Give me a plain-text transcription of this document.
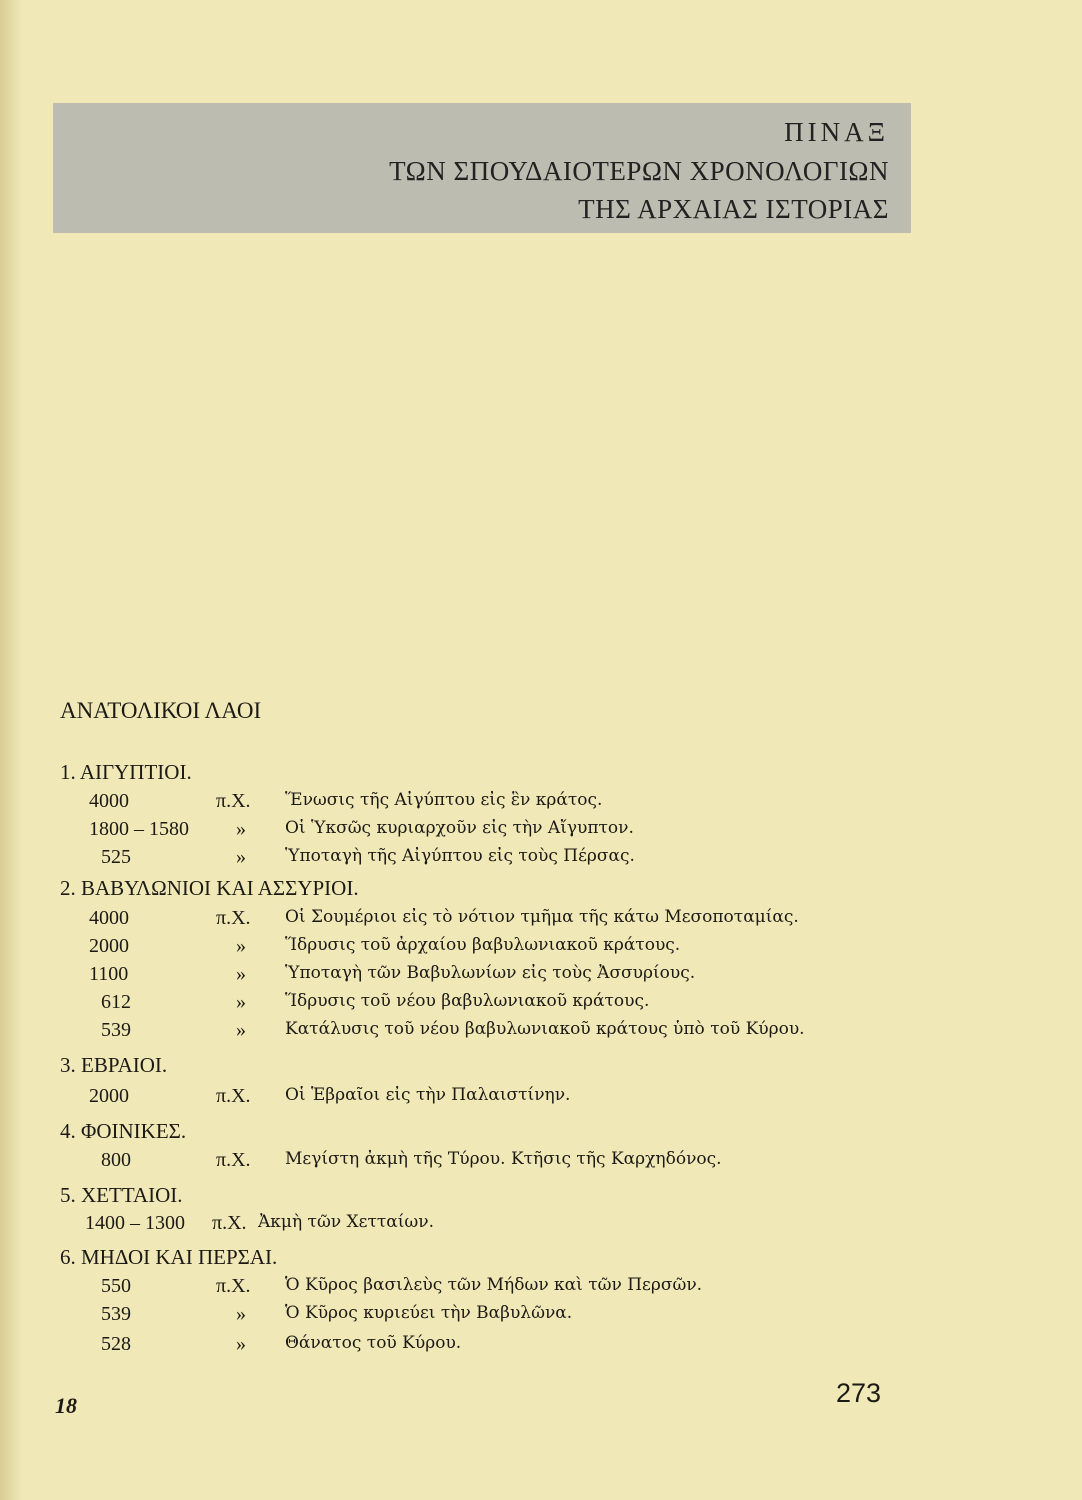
ΠΙΝΑΞ
ΤΩΝ ΣΠΟΥΔΑΙΟΤΕΡΩΝ ΧΡΟΝΟΛΟΓΙΩΝ
ΤΗΣ ΑΡΧΑΙΑΣ ΙΣΤΟΡΙΑΣ
ΑΝΑΤΟΛΙΚΟΙ ΛΑΟΙ
1. ΑΙΓΥΠΤΙΟΙ.
4000	π.Χ. Ἕνωσις τῆς Αἰγύπτου εἰς ἓν κράτος.
1800 – 1580	» Οἱ Ὑκσῶς κυριαρχοῦν εἰς τὴν Αἴγυπτον.
525	» Ὑποταγὴ τῆς Αἰγύπτου εἰς τοὺς Πέρσας.
2. ΒΑΒΥΛΩΝΙΟΙ ΚΑΙ ΑΣΣΥΡΙΟΙ.
4000	π.Χ. Οἱ Σουμέριοι εἰς τὸ νότιον τμῆμα τῆς κάτω Μεσοποταμίας.
2000	» Ἵδρυσις τοῦ ἀρχαίου βαβυλωνιακοῦ κράτους.
1100	» Ὑποταγὴ τῶν Βαβυλωνίων εἰς τοὺς Ἀσσυρίους.
612	» Ἵδρυσις τοῦ νέου βαβυλωνιακοῦ κράτους.
539	» Κατάλυσις τοῦ νέου βαβυλωνιακοῦ κράτους ὑπὸ τοῦ Κύρου.
3. ΕΒΡΑΙΟΙ.
2000	π.Χ. Οἱ Ἑβραῖοι εἰς τὴν Παλαιστίνην.
4. ΦΟΙΝΙΚΕΣ.
800	π.Χ. Μεγίστη ἀκμὴ τῆς Τύρου. Κτῆσις τῆς Καρχηδόνος.
5. ΧΕΤΤΑΙΟΙ.
1400 – 1300	π.Χ. Ἀκμὴ τῶν Χετταίων.
6. ΜΗΔΟΙ ΚΑΙ ΠΕΡΣΑΙ.
550	π.Χ. Ὁ Κῦρος βασιλεὺς τῶν Μήδων καὶ τῶν Περσῶν.
539	» Ὁ Κῦρος κυριεύει τὴν Βαβυλῶνα.
528	» Θάνατος τοῦ Κύρου.
18	273
